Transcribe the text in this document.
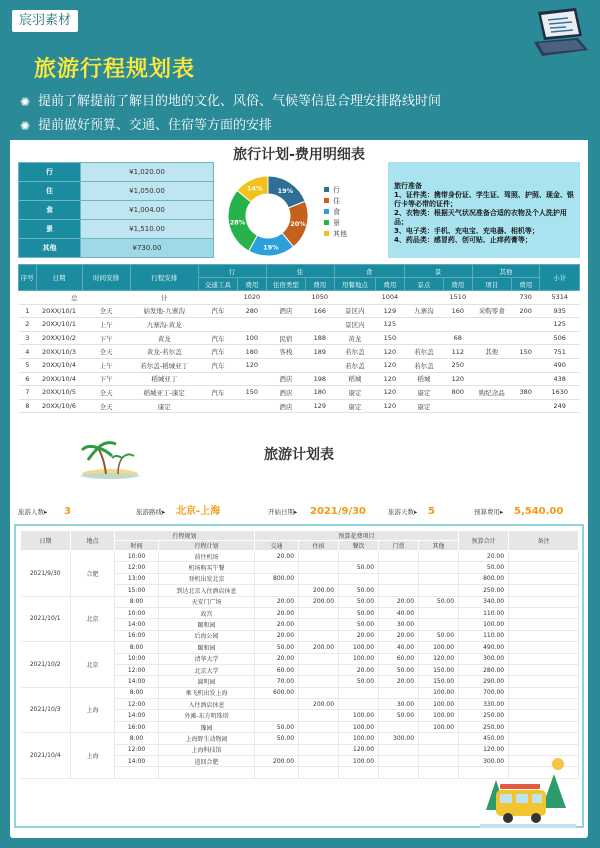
宸羽素材
旅游行程规划表
✺ 提前了解提前了解目的地的文化、风俗、气候等信息合理安排路线时间
✺ 提前做好预算、交通、住宿等方面的安排
旅行计划-费用明细表
行	¥1,020.00
住	¥1,050.00
食	¥1,004.00
景	¥1,510.00
其他	¥730.00
19%
20%
19%
28%
14%	行
住
食
景
其他
旅行准备
1、证件类：携带身份证、学生证、驾照、护照、现金、银行卡等必带的证件；
2、衣物类：根据天气状况准备合适的衣物及个人洗护用品；
3、电子类：手机、充电宝、充电器、相机等；
4、药品类：感冒药、创可贴、止痒药膏等；
序号	日期	时间安排	行程安排	行		住		食		景		其他		小计
				交通工具	费用	住宿类型	费用	用餐地点	费用	景点	费用	项目	费用	
总			计		1020		1050		1004		1510		730	5314
1	20XX/10/1	全天	始发地-九寨沟	汽车	280	酒店	166	景区内	129	九寨沟	160	采购零食	200	935
2	20XX/10/1	上午	九寨沟-黄龙					景区内	125					125
3	20XX/10/2	下午	黄龙	汽车	100	民宿	188	黄龙	150		68			506
4	20XX/10/3	全天	黄龙-若尔盖	汽车	180	客栈	189	若尔盖	120	若尔盖	112	其他	150	751
5	20XX/10/4	上午	若尔盖-稻城亚丁	汽车	120			若尔盖	120	若尔盖	250			490
6	20XX/10/4	下午	稻城亚丁			酒店	198	稻城	120	稻城	120			438
7	20XX/10/5	全天	稻城亚丁-康定	汽车	150	酒店	180	康定	120	康定	800	购纪念品	380	1630
8	20XX/10/6	全天	康定			酒店	129	康定	120	康定				249
旅游计划表
旅游人数▸ 3	旅游路线▸ 北京-上海	开始日期▸ 2021/9/30	旅游天数▸ 5	预算费用▸ 5,540.00
日期	地点	行程规划		预算花费项目					预算合计	备注
		时间	行程计划	交通	住宿	餐饮	门票	其他		
2021/9/30	合肥	10:00	前往机场	20.00					20.00	
		12:00	机场购买午餐			50.00			50.00	
		13:00	登机出发北京	800.00					800.00	
		15:00	到达北京入住酒店休息		200.00	50.00			250.00	
2021/10/1	北京	8:00	天安门广场	20.00	200.00	50.00	20.00	50.00	340.00	
		10:00	故宫	20.00		50.00	40.00		110.00	
		14:00	颐和园	20.00		50.00	30.00		100.00	
		16:00	后海公园	20.00		20.00	20.00	50.00	110.00	
2021/10/2	北京	8:00	颐和园	50.00	200.00	100.00	40.00	100.00	490.00	
		10:00	清华大学	20.00		100.00	60.00	120.00	300.00	
		12:00	北京大学	60.00		20.00	50.00	150.00	280.00	
		14:00	圆明园	70.00		50.00	20.00	150.00	290.00	
2021/10/3	上海	8:00	乘飞机出发上海	600.00				100.00	700.00	
		12:00	入住酒店休息		200.00		30.00	100.00	330.00	
		14:00	外滩-东方明珠塔			100.00	50.00	100.00	250.00	
		16:00	豫园	50.00		100.00		100.00	250.00	
2021/10/4	上海	8:00	上海野生动物园	50.00		100.00	300.00		450.00	
		12:00	上海科技馆			120.00			120.00	
		14:00	返回合肥	200.00		100.00			300.00	
